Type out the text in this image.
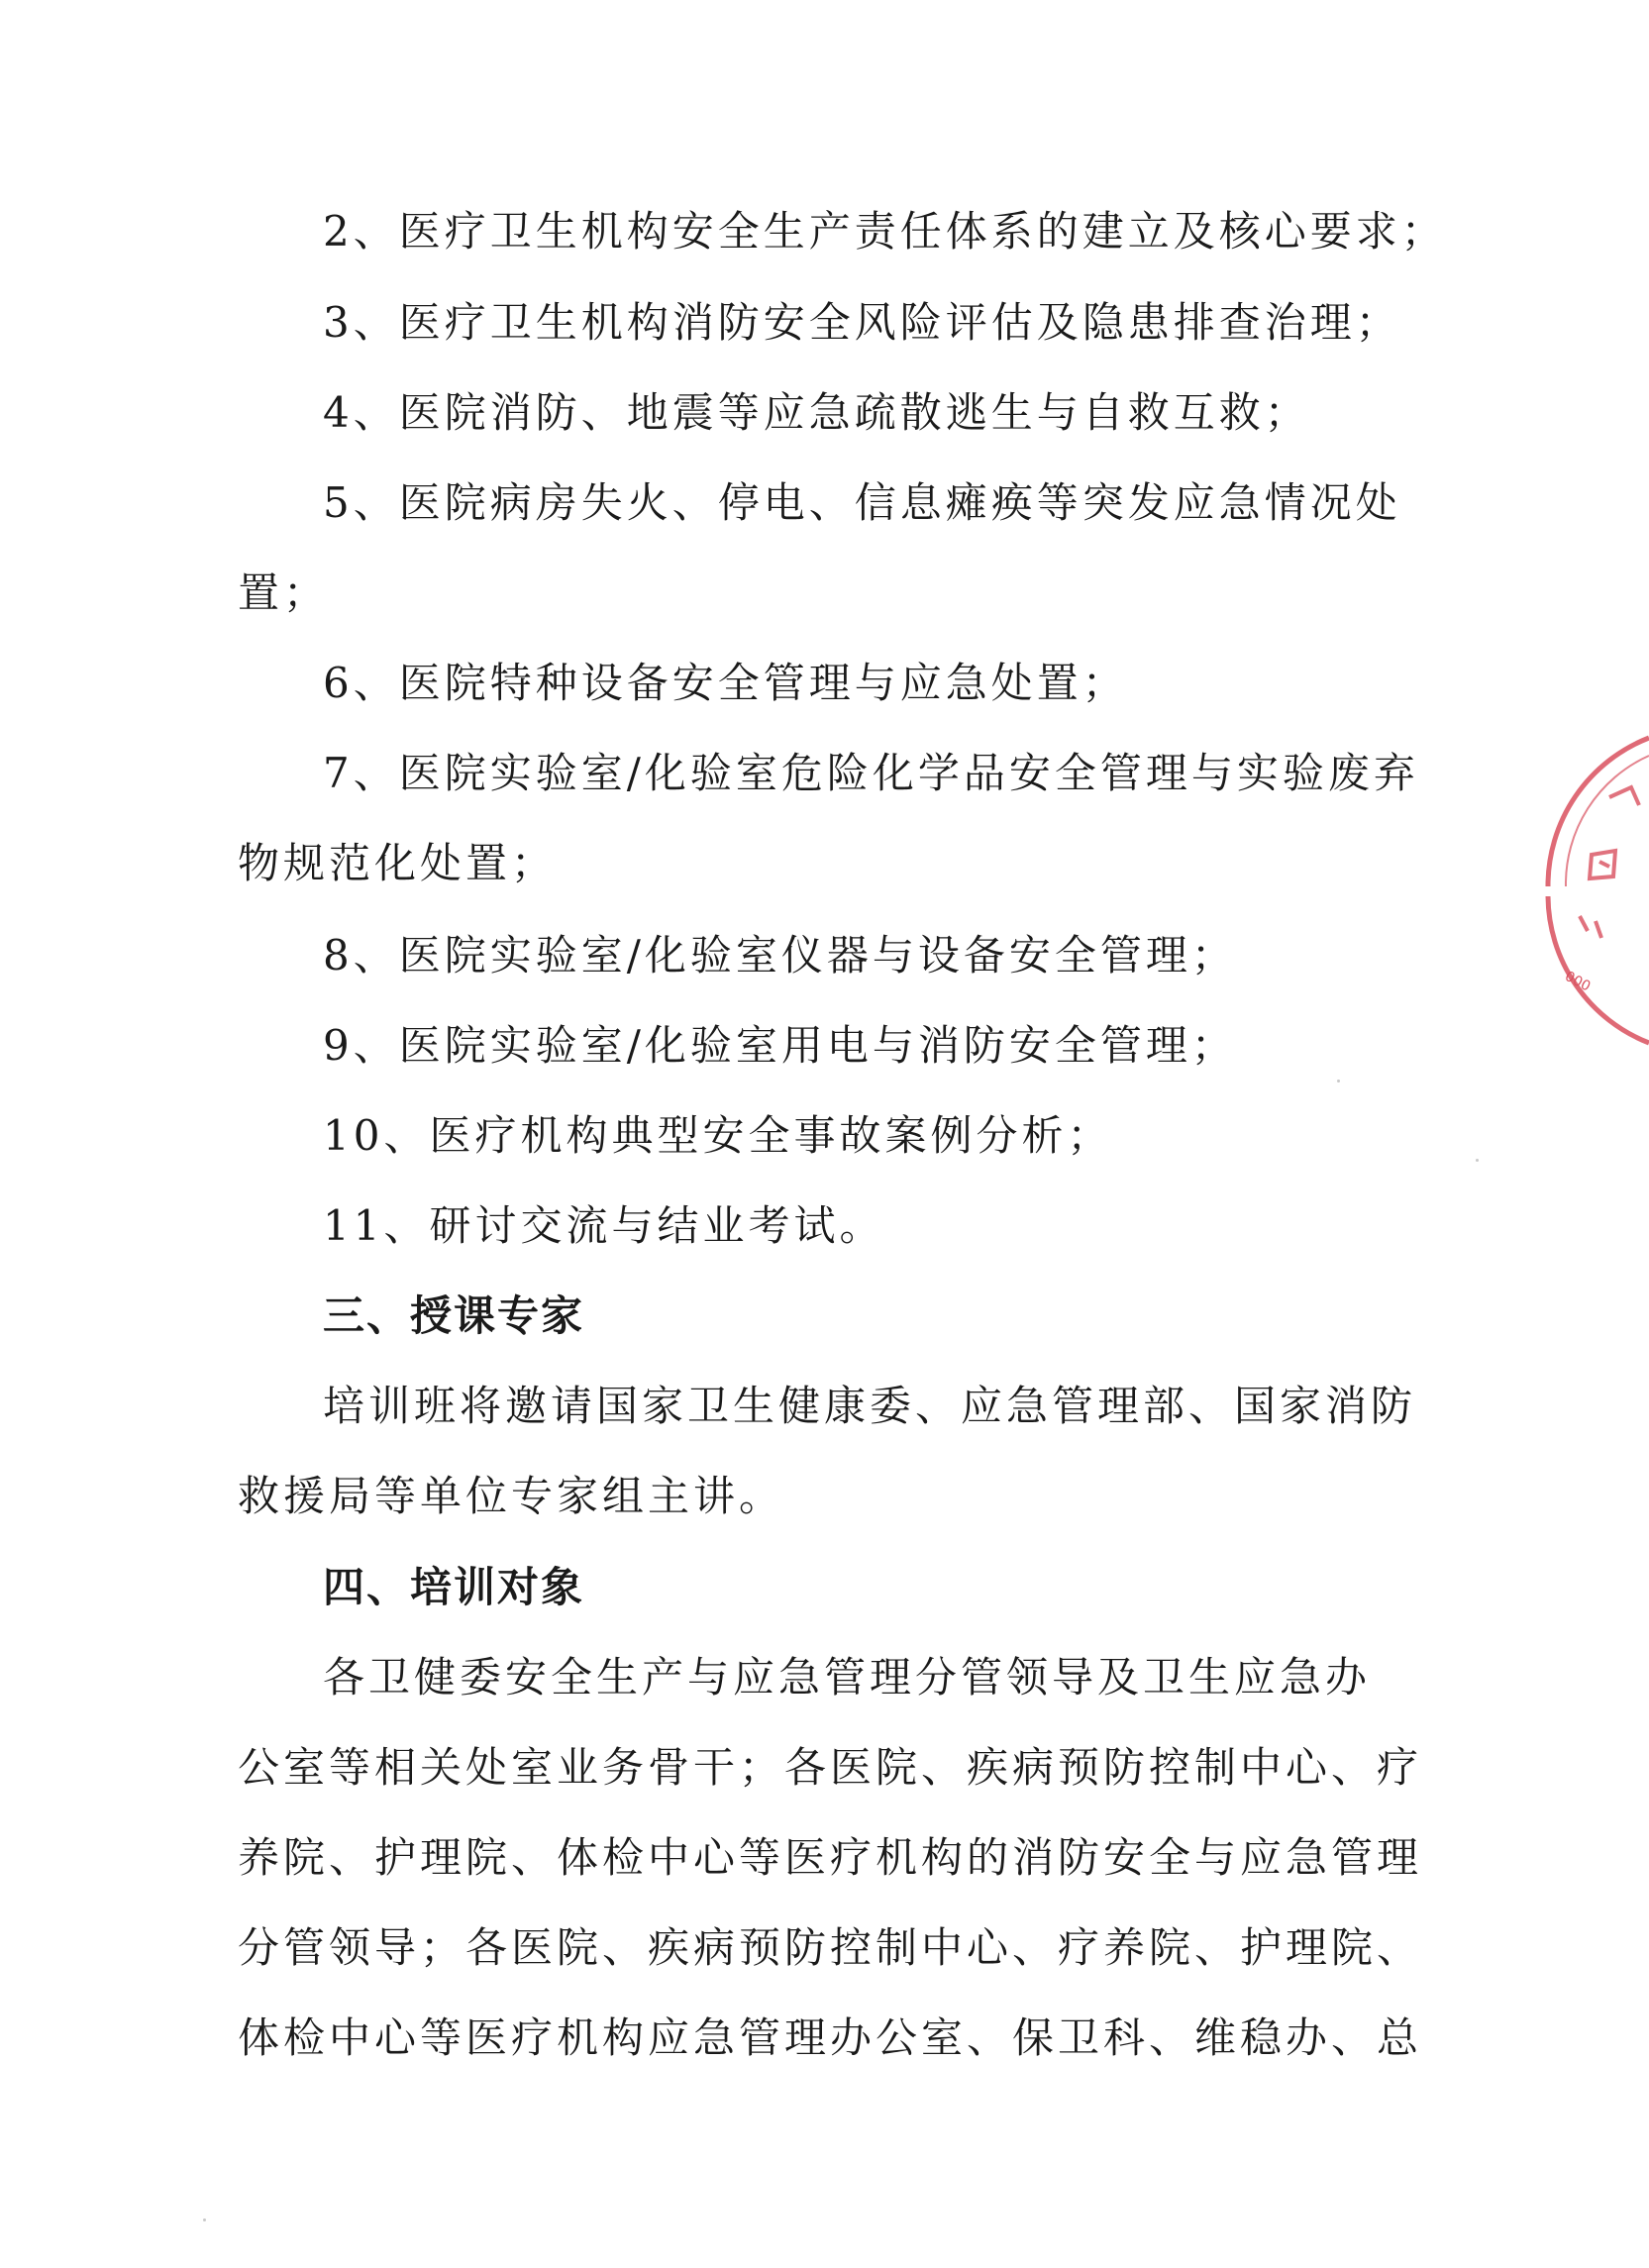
2、医疗卫生机构安全生产责任体系的建立及核心要求；
3、医疗卫生机构消防安全风险评估及隐患排查治理；
4、医院消防、地震等应急疏散逃生与自救互救；
5、医院病房失火、停电、信息瘫痪等突发应急情况处
置；
6、医院特种设备安全管理与应急处置；
7、医院实验室/化验室危险化学品安全管理与实验废弃
物规范化处置；
8、医院实验室/化验室仪器与设备安全管理；
9、医院实验室/化验室用电与消防安全管理；
10、医疗机构典型安全事故案例分析；
11、研讨交流与结业考试。
三、授课专家
培训班将邀请国家卫生健康委、应急管理部、国家消防
救援局等单位专家组主讲。
四、培训对象
各卫健委安全生产与应急管理分管领导及卫生应急办
公室等相关处室业务骨干；各医院、疾病预防控制中心、疗
养院、护理院、体检中心等医疗机构的消防安全与应急管理
分管领导；各医院、疾病预防控制中心、疗养院、护理院、
体检中心等医疗机构应急管理办公室、保卫科、维稳办、总
000
